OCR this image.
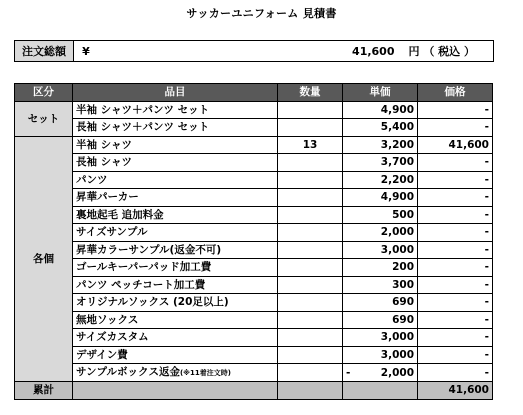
サッカーユニフォーム 見積書
注文総額	¥	41,600 円 （ 税込 ）
区分	品目	数量	単価	価格
セット	半袖 シャツ＋パンツ セット		4,900	-
	長袖 シャツ＋パンツ セット		5,400	-
各個	半袖 シャツ	13	3,200	41,600
	長袖 シャツ		3,700	-
	パンツ		2,200	-
	昇華パーカー		4,900	-
	裏地起毛 追加料金		500	-
	サイズサンプル		2,000	-
	昇華カラーサンプル(返金不可)		3,000	-
	ゴールキーパーパッド加工費		200	-
	パンツ ペッチコート加工費		300	-
	オリジナルソックス (20足以上)		690	-
	無地ソックス		690	-
	サイズカスタム		3,000	-
	デザイン費		3,000	-
	サンプルボックス返金(※11着注文時)		- 2,000	-
累計				41,600
